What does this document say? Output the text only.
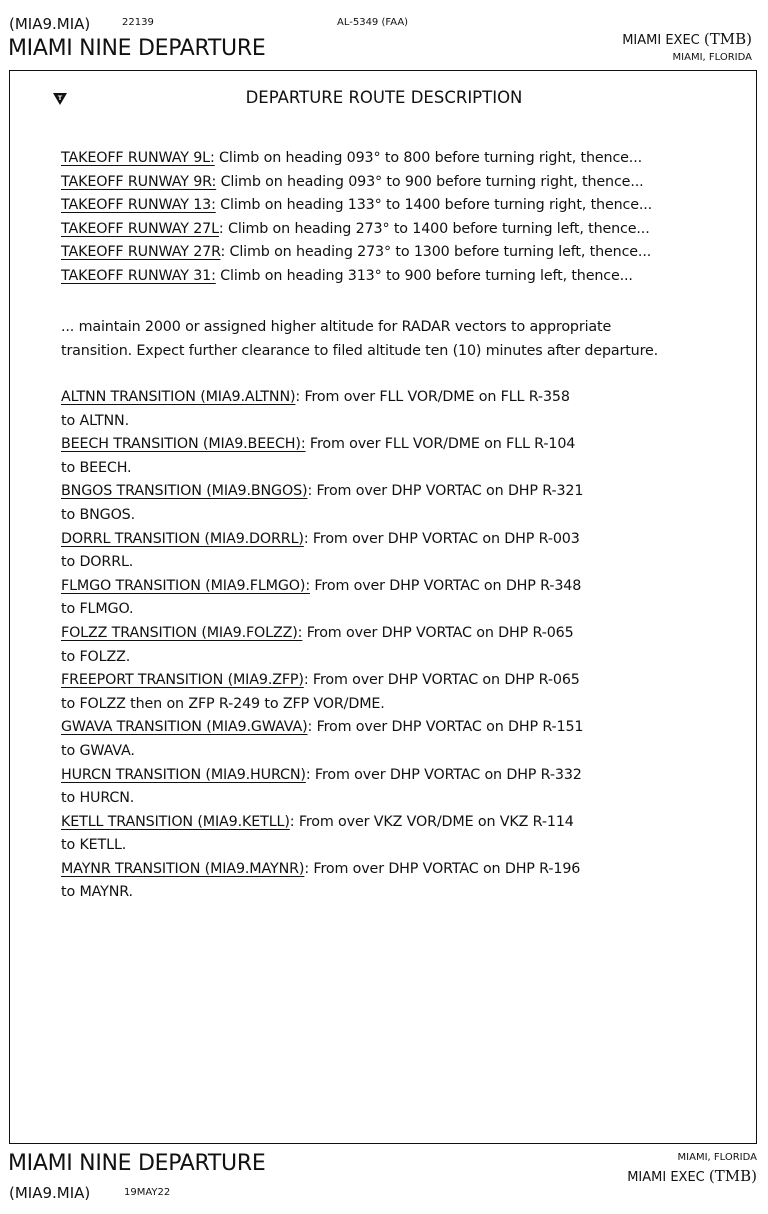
(MIA9.MIA)	22139	AL-5349 (FAA)
MIAMI NINE DEPARTURE	MIAMI EXEC (TMB)
MIAMI, FLORIDA
T	DEPARTURE ROUTE DESCRIPTION
TAKEOFF RUNWAY 9L: Climb on heading 093° to 800 before turning right, thence...
TAKEOFF RUNWAY 9R: Climb on heading 093° to 900 before turning right, thence...
TAKEOFF RUNWAY 13: Climb on heading 133° to 1400 before turning right, thence...
TAKEOFF RUNWAY 27L: Climb on heading 273° to 1400 before turning left, thence...
TAKEOFF RUNWAY 27R: Climb on heading 273° to 1300 before turning left, thence...
TAKEOFF RUNWAY 31: Climb on heading 313° to 900 before turning left, thence...
... maintain 2000 or assigned higher altitude for RADAR vectors to appropriate
transition. Expect further clearance to filed altitude ten (10) minutes after departure.
ALTNN TRANSITION (MIA9.ALTNN): From over FLL VOR/DME on FLL R-358
to ALTNN.
BEECH TRANSITION (MIA9.BEECH): From over FLL VOR/DME on FLL R-104
to BEECH.
BNGOS TRANSITION (MIA9.BNGOS): From over DHP VORTAC on DHP R-321
to BNGOS.
DORRL TRANSITION (MIA9.DORRL): From over DHP VORTAC on DHP R-003
to DORRL.
FLMGO TRANSITION (MIA9.FLMGO): From over DHP VORTAC on DHP R-348
to FLMGO.
FOLZZ TRANSITION (MIA9.FOLZZ): From over DHP VORTAC on DHP R-065
to FOLZZ.
FREEPORT TRANSITION (MIA9.ZFP): From over DHP VORTAC on DHP R-065
to FOLZZ then on ZFP R-249 to ZFP VOR/DME.
GWAVA TRANSITION (MIA9.GWAVA): From over DHP VORTAC on DHP R-151
to GWAVA.
HURCN TRANSITION (MIA9.HURCN): From over DHP VORTAC on DHP R-332
to HURCN.
KETLL TRANSITION (MIA9.KETLL): From over VKZ VOR/DME on VKZ R-114
to KETLL.
MAYNR TRANSITION (MIA9.MAYNR): From over DHP VORTAC on DHP R-196
to MAYNR.
MIAMI NINE DEPARTURE
(MIA9.MIA)	19MAY22
MIAMI, FLORIDA
MIAMI EXEC (TMB)
